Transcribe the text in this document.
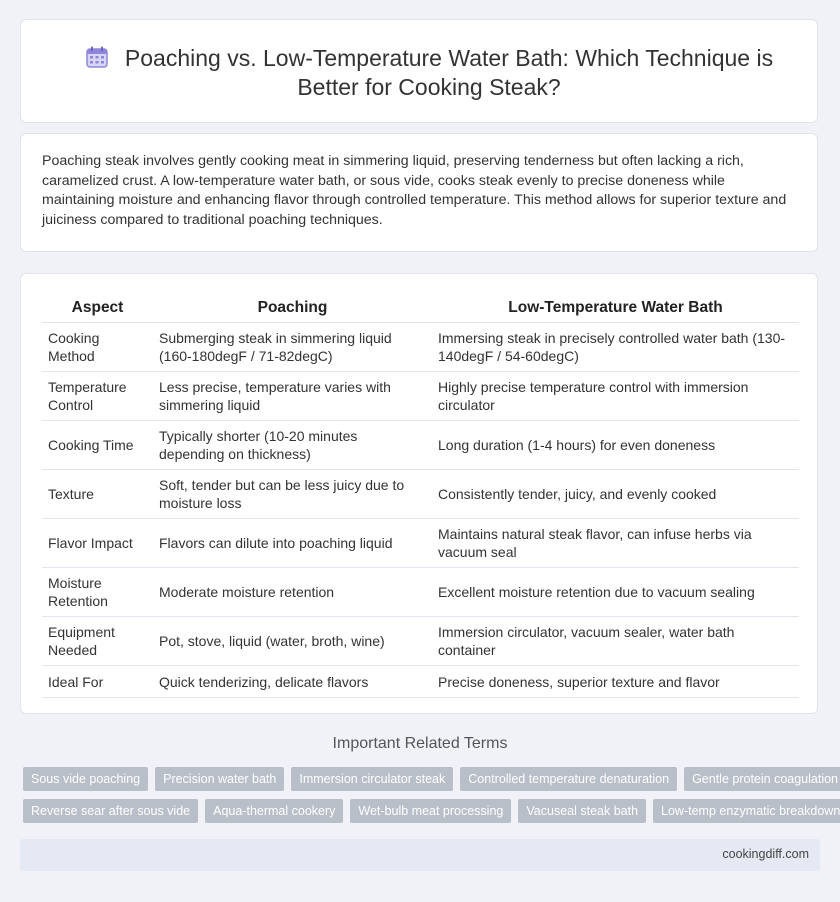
Poaching vs. Low-Temperature Water Bath: Which Technique is Better for Cooking Steak?
Poaching steak involves gently cooking meat in simmering liquid, preserving tenderness but often lacking a rich, caramelized crust. A low-temperature water bath, or sous vide, cooks steak evenly to precise doneness while maintaining moisture and enhancing flavor through controlled temperature. This method allows for superior texture and juiciness compared to traditional poaching techniques.
Aspect	Poaching	Low-Temperature Water Bath
Cooking Method	Submerging steak in simmering liquid (160-180degF / 71-82degC)	Immersing steak in precisely controlled water bath (130-140degF / 54-60degC)
Temperature Control	Less precise, temperature varies with simmering liquid	Highly precise temperature control with immersion circulator
Cooking Time	Typically shorter (10-20 minutes depending on thickness)	Long duration (1-4 hours) for even doneness
Texture	Soft, tender but can be less juicy due to moisture loss	Consistently tender, juicy, and evenly cooked
Flavor Impact	Flavors can dilute into poaching liquid	Maintains natural steak flavor, can infuse herbs via vacuum seal
Moisture Retention	Moderate moisture retention	Excellent moisture retention due to vacuum sealing
Equipment Needed	Pot, stove, liquid (water, broth, wine)	Immersion circulator, vacuum sealer, water bath container
Ideal For	Quick tenderizing, delicate flavors	Precise doneness, superior texture and flavor
Important Related Terms
Sous vide poaching	Precision water bath	Immersion circulator steak	Controlled temperature denaturation	Gentle protein coagulation
Reverse sear after sous vide	Aqua-thermal cookery	Wet-bulb meat processing	Vacuseal steak bath	Low-temp enzymatic breakdown
cookingdiff.com
